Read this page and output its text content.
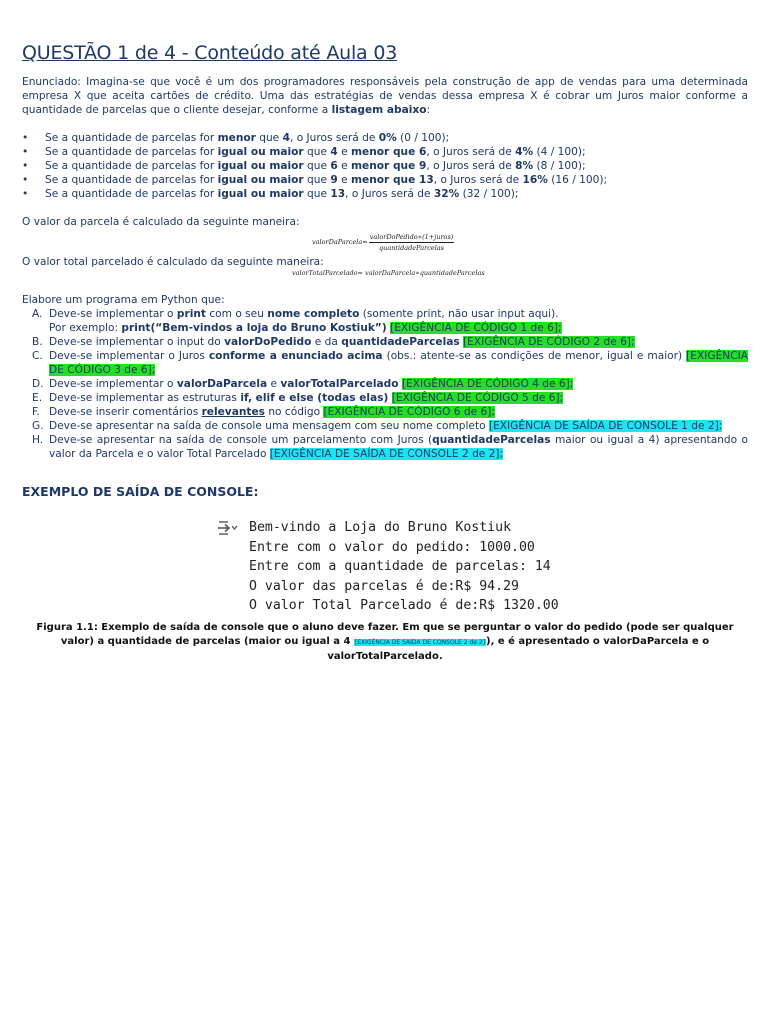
QUESTÃO 1 de 4 - Conteúdo até Aula 03

Enunciado: Imagina-se que você é um dos programadores responsáveis pela construção de app de vendas para uma determinada empresa X que aceita cartões de crédito. Uma das estratégias de vendas dessa empresa X é cobrar um Juros maior conforme a quantidade de parcelas que o cliente desejar, conforme a listagem abaixo:

• Se a quantidade de parcelas for menor que 4, o Juros será de 0% (0 / 100);
• Se a quantidade de parcelas for igual ou maior que 4 e menor que 6, o Juros será de 4% (4 / 100);
• Se a quantidade de parcelas for igual ou maior que 6 e menor que 9, o Juros será de 8% (8 / 100);
• Se a quantidade de parcelas for igual ou maior que 9 e menor que 13, o Juros será de 16% (16 / 100);
• Se a quantidade de parcelas for igual ou maior que 13, o Juros será de 32% (32 / 100);

O valor da parcela é calculado da seguinte maneira:

valorDaParcela= $\frac{\text{valorDoPedido∗(1+juros)}}{\text{quantidadeParcelas}}$

O valor total parcelado é calculado da seguinte maneira:

valorTotalParcelado= valorDaParcela∗quantidadeParcelas

Elabore um programa em Python que:

A. Deve-se implementar o print com o seu nome completo (somente print, não usar input aqui).
Por exemplo: print(“Bem-vindos a loja do Bruno Kostiuk”) [EXIGÊNCIA DE CÓDIGO 1 de 6];
B. Deve-se implementar o input do valorDoPedido e da quantidadeParcelas [EXIGÊNCIA DE CÓDIGO 2 de 6];
C. Deve-se implementar o Juros conforme a enunciado acima (obs.: atente-se as condições de menor, igual e maior) [EXIGÊNCIA DE CÓDIGO 3 de 6];
D. Deve-se implementar o valorDaParcela e valorTotalParcelado [EXIGÊNCIA DE CÓDIGO 4 de 6];
E. Deve-se implementar as estruturas if, elif e else (todas elas) [EXIGÊNCIA DE CÓDIGO 5 de 6];
F. Deve-se inserir comentários relevantes no código [EXIGÊNCIA DE CÓDIGO 6 de 6];
G. Deve-se apresentar na saída de console uma mensagem com seu nome completo [EXIGÊNCIA DE SAÍDA DE CONSOLE 1 de 2];
H. Deve-se apresentar na saída de console um parcelamento com Juros (quantidadeParcelas maior ou igual a 4) apresentando o valor da Parcela e o valor Total Parcelado [EXIGÊNCIA DE SAÍDA DE CONSOLE 2 de 2];
EXEMPLO DE SAÍDA DE CONSOLE:
Bem-vindo a Loja do Bruno Kostiuk
Entre com o valor do pedido: 1000.00
Entre com a quantidade de parcelas: 14
O valor das parcelas é de:R$ 94.29
O valor Total Parcelado é de:R$ 1320.00
Figura 1.1: Exemplo de saída de console que o aluno deve fazer. Em que se perguntar o valor do pedido (pode ser qualquer valor) a quantidade de parcelas (maior ou igual a 4 [EXIGÊNCIA DE SAÍDA DE CONSOLE 2 de 2]), e é apresentado o valorDaParcela e o valorTotalParcelado.
